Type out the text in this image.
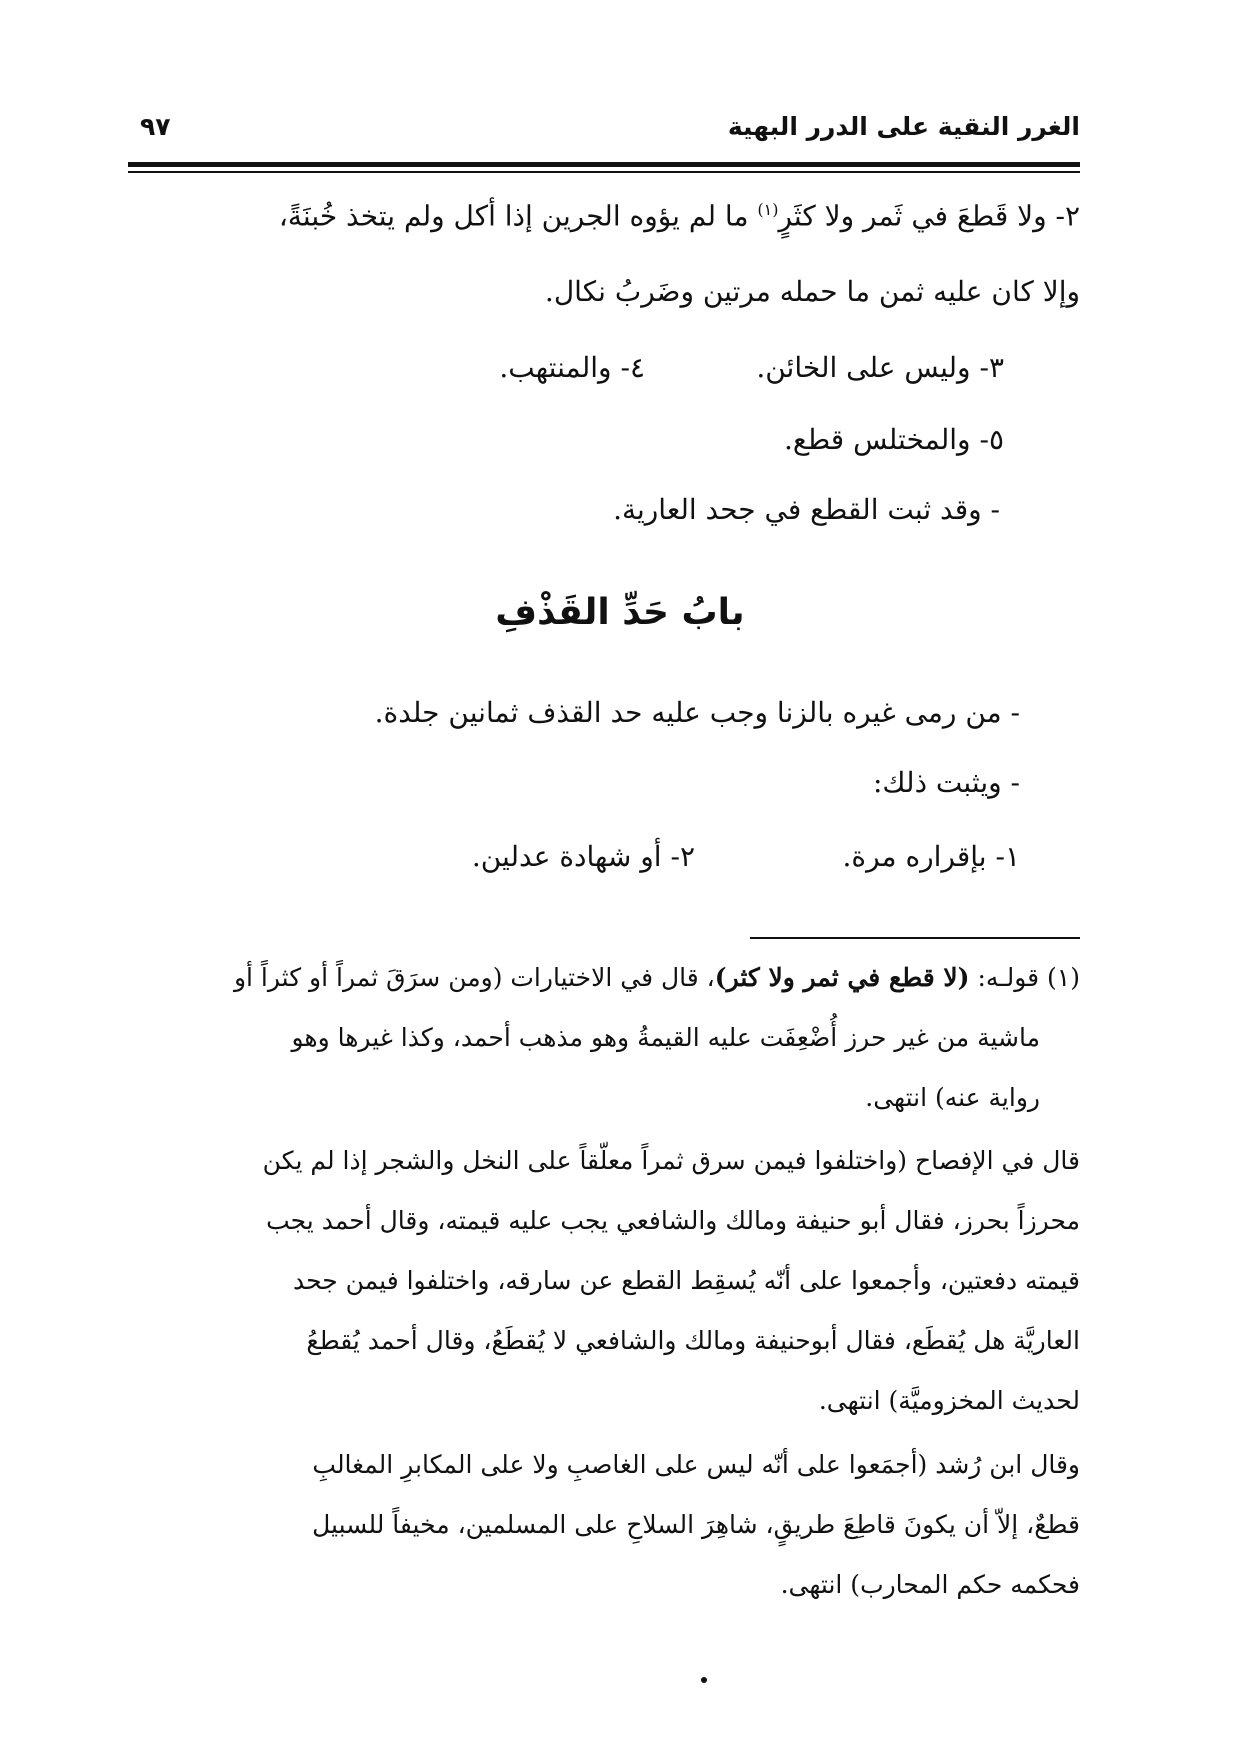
الغرر النقية على الدرر البهية
٩٧
٢- ولا قَطعَ في ثَمر ولا كثَرٍ$^{(١)}$ ما لم يؤوه الجرين إذا أكل ولم يتخذ خُبنَةً،
وإلا كان عليه ثمن ما حمله مرتين وضَربُ نكال.
٣- وليس على الخائن.
٤- والمنتهب.
٥- والمختلس قطع.
- وقد ثبت القطع في جحد العارية.
بابُ حَدِّ القَذْفِ
- من رمى غيره بالزنا وجب عليه حد القذف ثمانين جلدة.
- ويثبت ذلك:
١- بإقراره مرة.
٢- أو شهادة عدلين.
(١) قولـه: (لا قطع في ثمر ولا كثر)، قال في الاختيارات (ومن سرَقَ ثمراً أو كثراً أو
ماشية من غير حرز أُضْعِفَت عليه القيمةُ وهو مذهب أحمد، وكذا غيرها وهو
رواية عنه) انتهى.
قال في الإفصاح (واختلفوا فيمن سرق ثمراً معلّقاً على النخل والشجر إذا لم يكن
محرزاً بحرز، فقال أبو حنيفة ومالك والشافعي يجب عليه قيمته، وقال أحمد يجب
قيمته دفعتين، وأجمعوا على أنّه يُسقِط القطع عن سارقه، واختلفوا فيمن جحد
العاريَّة هل يُقطَع، فقال أبوحنيفة ومالك والشافعي لا يُقطَعُ، وقال أحمد يُقطعُ
لحديث المخزوميَّة) انتهى.
وقال ابن رُشد (أجمَعوا على أنّه ليس على الغاصبِ ولا على المكابرِ المغالبِ
قطعٌ، إلاّ أن يكونَ قاطِعَ طريقٍ، شاهِرَ السلاحِ على المسلمين، مخيفاً للسبيل
فحكمه حكم المحارب) انتهى.
